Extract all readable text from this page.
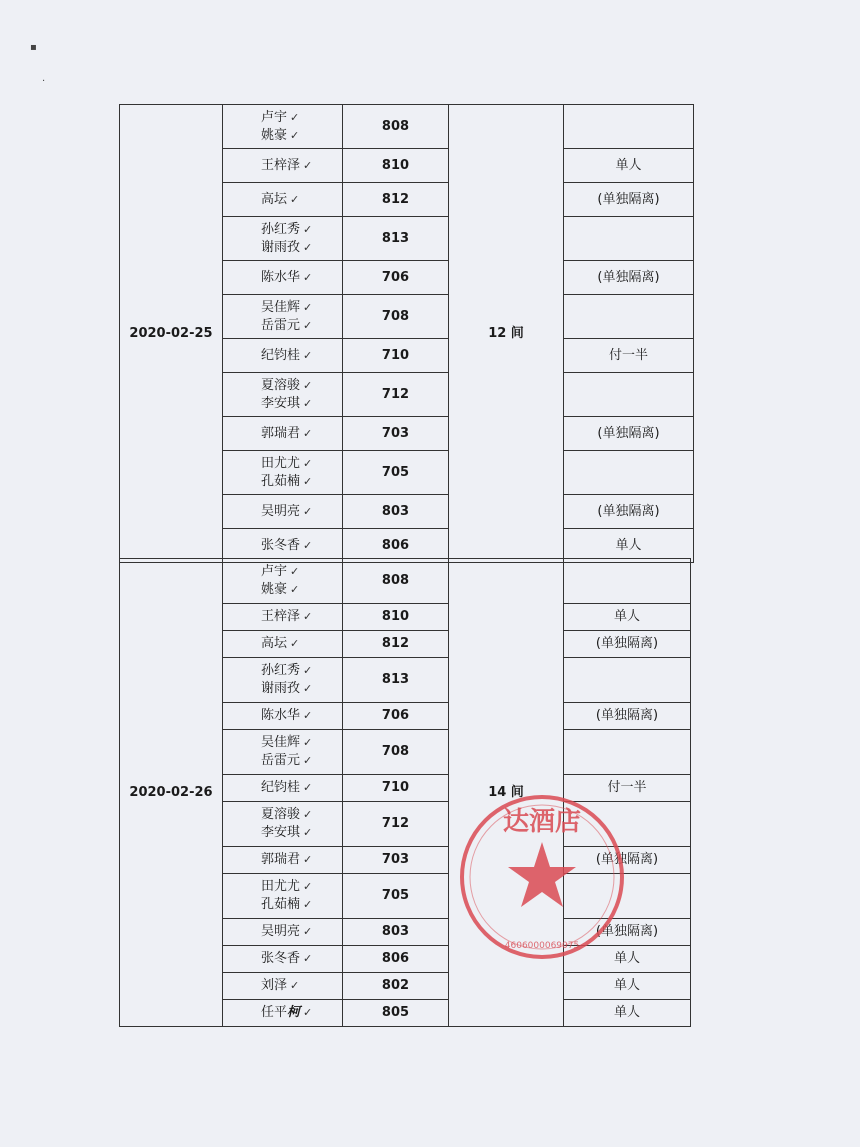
▪
·
2020-02-25	卢宇 ✓
姚豪 ✓	808	12 间	

	王梓泽 ✓	810		单人

	高坛 ✓	812		(单独隔离)

	孙红秀 ✓
谢雨孜 ✓	813		

	陈水华 ✓	706		(单独隔离)

	吴佳辉 ✓
岳雷元 ✓	708		

	纪钧桂 ✓	710		付一半

	夏溶骏 ✓
李安琪 ✓	712		

	郭瑞君 ✓	703		(单独隔离)

	田尤尤 ✓
孔茹楠 ✓	705		

	吴明亮 ✓	803		(单独隔离)

	张冬香 ✓	806		单人
2020-02-26	卢宇 ✓
姚豪 ✓	808	14 间	

	王梓泽 ✓	810		单人

	高坛 ✓	812		(单独隔离)

	孙红秀 ✓
谢雨孜 ✓	813		

	陈水华 ✓	706		(单独隔离)

	吴佳辉 ✓
岳雷元 ✓	708		

	纪钧桂 ✓	710		付一半

	夏溶骏 ✓
李安琪 ✓	712		

	郭瑞君 ✓	703		(单独隔离)

	田尤尤 ✓
孔茹楠 ✓	705		

	吴明亮 ✓	803		(单独隔离)

	张冬香 ✓	806		单人

	刘泽 ✓	802		单人

	任平柯 ✓	805		单人
达酒店
4606000069075
